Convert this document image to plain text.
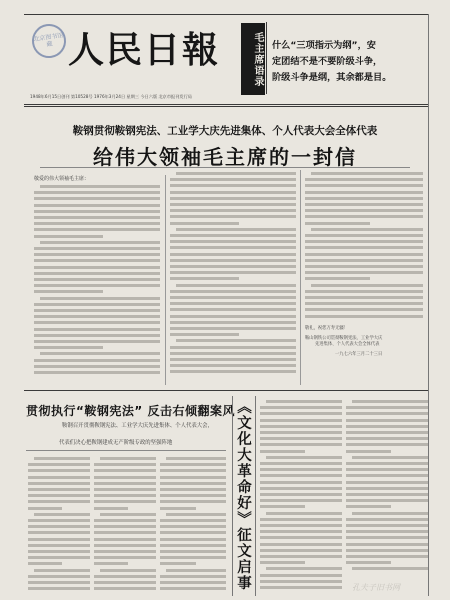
北京图书馆藏 人民日報	毛主席语录 什么“三项指示为纲”，安
定团结不是不要阶级斗争，
阶级斗争是纲，其余都是目。
1948年6月15日创刊 第10528号 1976年3月24日 星期三 今日六版 北京市报刊发行局
鞍钢贯彻鞍钢宪法、工业学大庆先进集体、个人代表大会全体代表
给伟大领袖毛主席的一封信
敬爱的伟大领袖毛主席：
敬礼，祝您万寿无疆！
鞍山钢铁公司贯彻鞍钢宪法、工业学大庆
先进集体、个人代表大会全体代表
一九七六年三月二十三日
贯彻执行“鞍钢宪法” 反击右倾翻案风
鞍钢召开贯彻鞍钢宪法、工业学大庆先进集体、个人代表大会，
代表们决心把鞍钢建成无产阶级专政的坚强阵地	《文化大革命好》征文启事	孔夫子旧书网
